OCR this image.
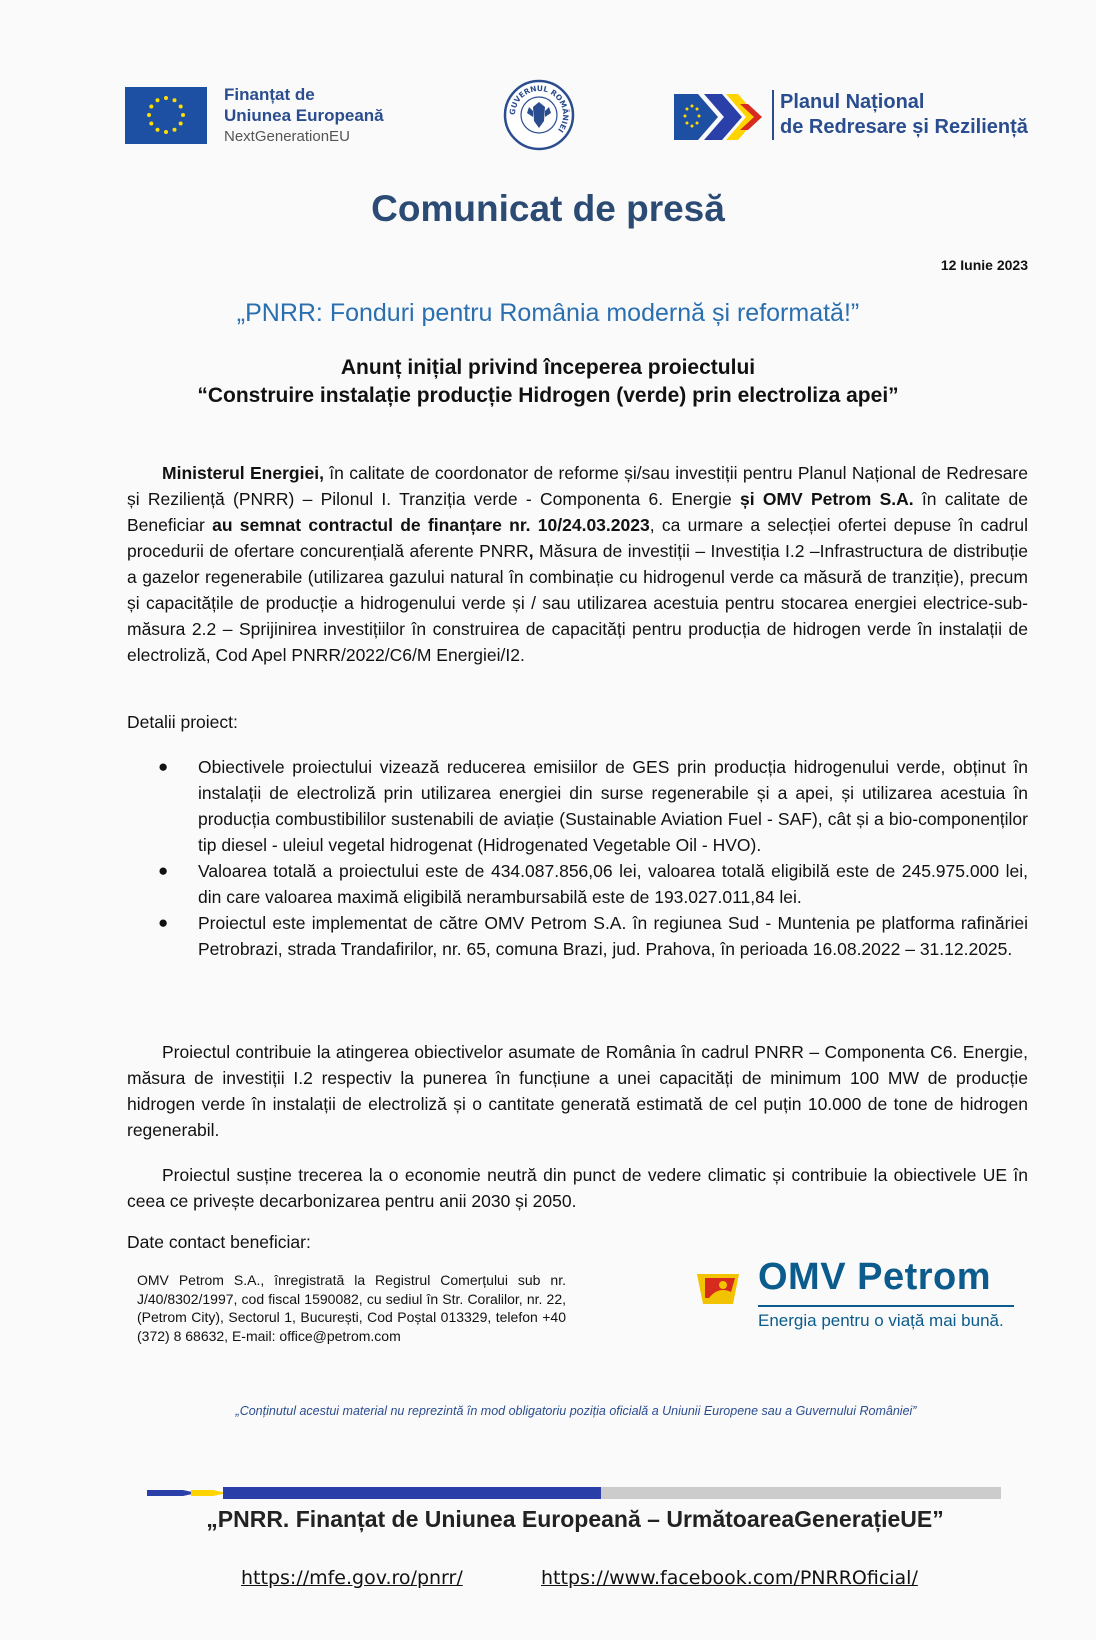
Finanțat de
Uniunea Europeană
NextGenerationEU
GUVERNUL ROMÂNIEI
Planul Național
de Redresare și Reziliență
Comunicat de presă
12 Iunie 2023
„PNRR: Fonduri pentru România modernă și reformată!”
Anunț inițial privind începerea proiectului
“Construire instalație producție Hidrogen (verde) prin electroliza apei”
Ministerul Energiei, în calitate de coordonator de reforme și/sau investiții pentru Planul Național de Redresare și Reziliență (PNRR) – Pilonul I. Tranziția verde - Componenta 6. Energie și OMV Petrom S.A. în calitate de Beneficiar au semnat contractul de finanțare nr. 10/24.03.2023, ca urmare a selecției ofertei depuse în cadrul procedurii de ofertare concurențială aferente PNRR, Măsura de investiții – Investiția I.2 –Infrastructura de distribuție a gazelor regenerabile (utilizarea gazului natural în combinație cu hidrogenul verde ca măsură de tranziție), precum și capacitățile de producție a hidrogenului verde și / sau utilizarea acestuia pentru stocarea energiei electrice-sub-măsura 2.2 – Sprijinirea investițiilor în construirea de capacități pentru producția de hidrogen verde în instalații de electroliză, Cod Apel PNRR/2022/C6/M Energiei/I2.
Detalii proiect:
● Obiectivele proiectului vizează reducerea emisiilor de GES prin producția hidrogenului verde, obținut în instalații de electroliză prin utilizarea energiei din surse regenerabile și a apei, și utilizarea acestuia în producția combustibililor sustenabili de aviație (Sustainable Aviation Fuel - SAF), cât și a bio-componenților tip diesel - uleiul vegetal hidrogenat (Hidrogenated Vegetable Oil - HVO).
● Valoarea totală a proiectului este de 434.087.856,06 lei, valoarea totală eligibilă este de 245.975.000 lei, din care valoarea maximă eligibilă nerambursabilă este de 193.027.011,84 lei.
● Proiectul este implementat de către OMV Petrom S.A. în regiunea Sud - Muntenia pe platforma rafinăriei Petrobrazi, strada Trandafirilor, nr. 65, comuna Brazi, jud. Prahova, în perioada 16.08.2022 – 31.12.2025.
Proiectul contribuie la atingerea obiectivelor asumate de România în cadrul PNRR – Componenta C6. Energie, măsura de investiții I.2 respectiv la punerea în funcțiune a unei capacități de minimum 100 MW de producție hidrogen verde în instalații de electroliză și o cantitate generată estimată de cel puțin 10.000 de tone de hidrogen regenerabil.
Proiectul susține trecerea la o economie neutră din punct de vedere climatic și contribuie la obiectivele UE în ceea ce privește decarbonizarea pentru anii 2030 și 2050.
Date contact beneficiar:
OMV Petrom S.A., înregistrată la Registrul Comerțului sub nr. J/40/8302/1997, cod fiscal 1590082, cu sediul în Str. Coralilor, nr. 22, (Petrom City), Sectorul 1, București, Cod Poștal 013329, telefon +40 (372) 8 68632, E-mail: office@petrom.com
OMV Petrom
Energia pentru o viață mai bună.
„Conținutul acestui material nu reprezintă în mod obligatoriu poziția oficială a Uniunii Europene sau a Guvernului României”
„PNRR. Finanțat de Uniunea Europeană – UrmătoareaGenerațieUE”
https://mfe.gov.ro/pnrr/	https://www.facebook.com/PNRROficial/
